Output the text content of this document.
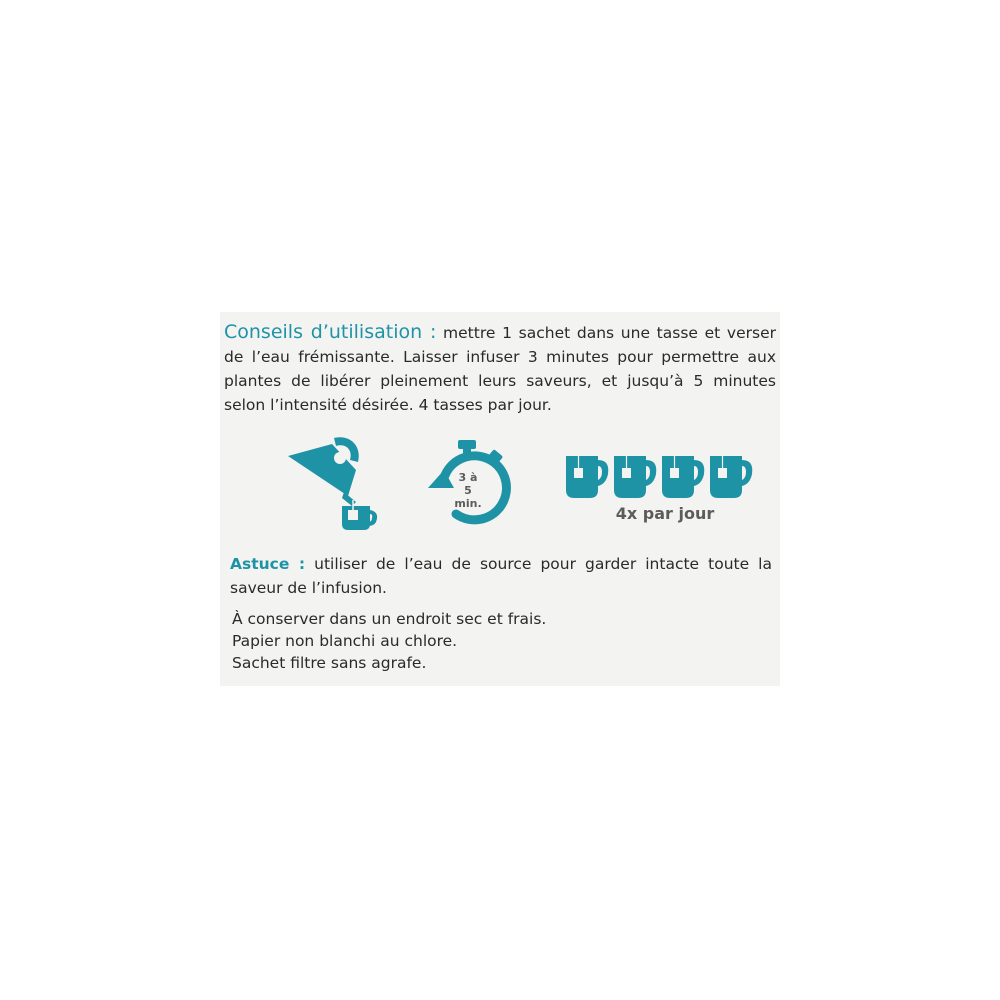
Conseils d’utilisation : mettre 1 sachet dans une tasse et verser de l’eau frémissante. Laisser infuser 3 minutes pour permettre aux plantes de libérer pleinement leurs saveurs, et jusqu’à 5 minutes selon l’intensité désirée. 4 tasses par jour.

3 à 5
min.
4x par jour

Astuce : utiliser de l’eau de source pour garder intacte toute la saveur de l’infusion.

À conserver dans un endroit sec et frais.
Papier non blanchi au chlore.
Sachet filtre sans agrafe.
